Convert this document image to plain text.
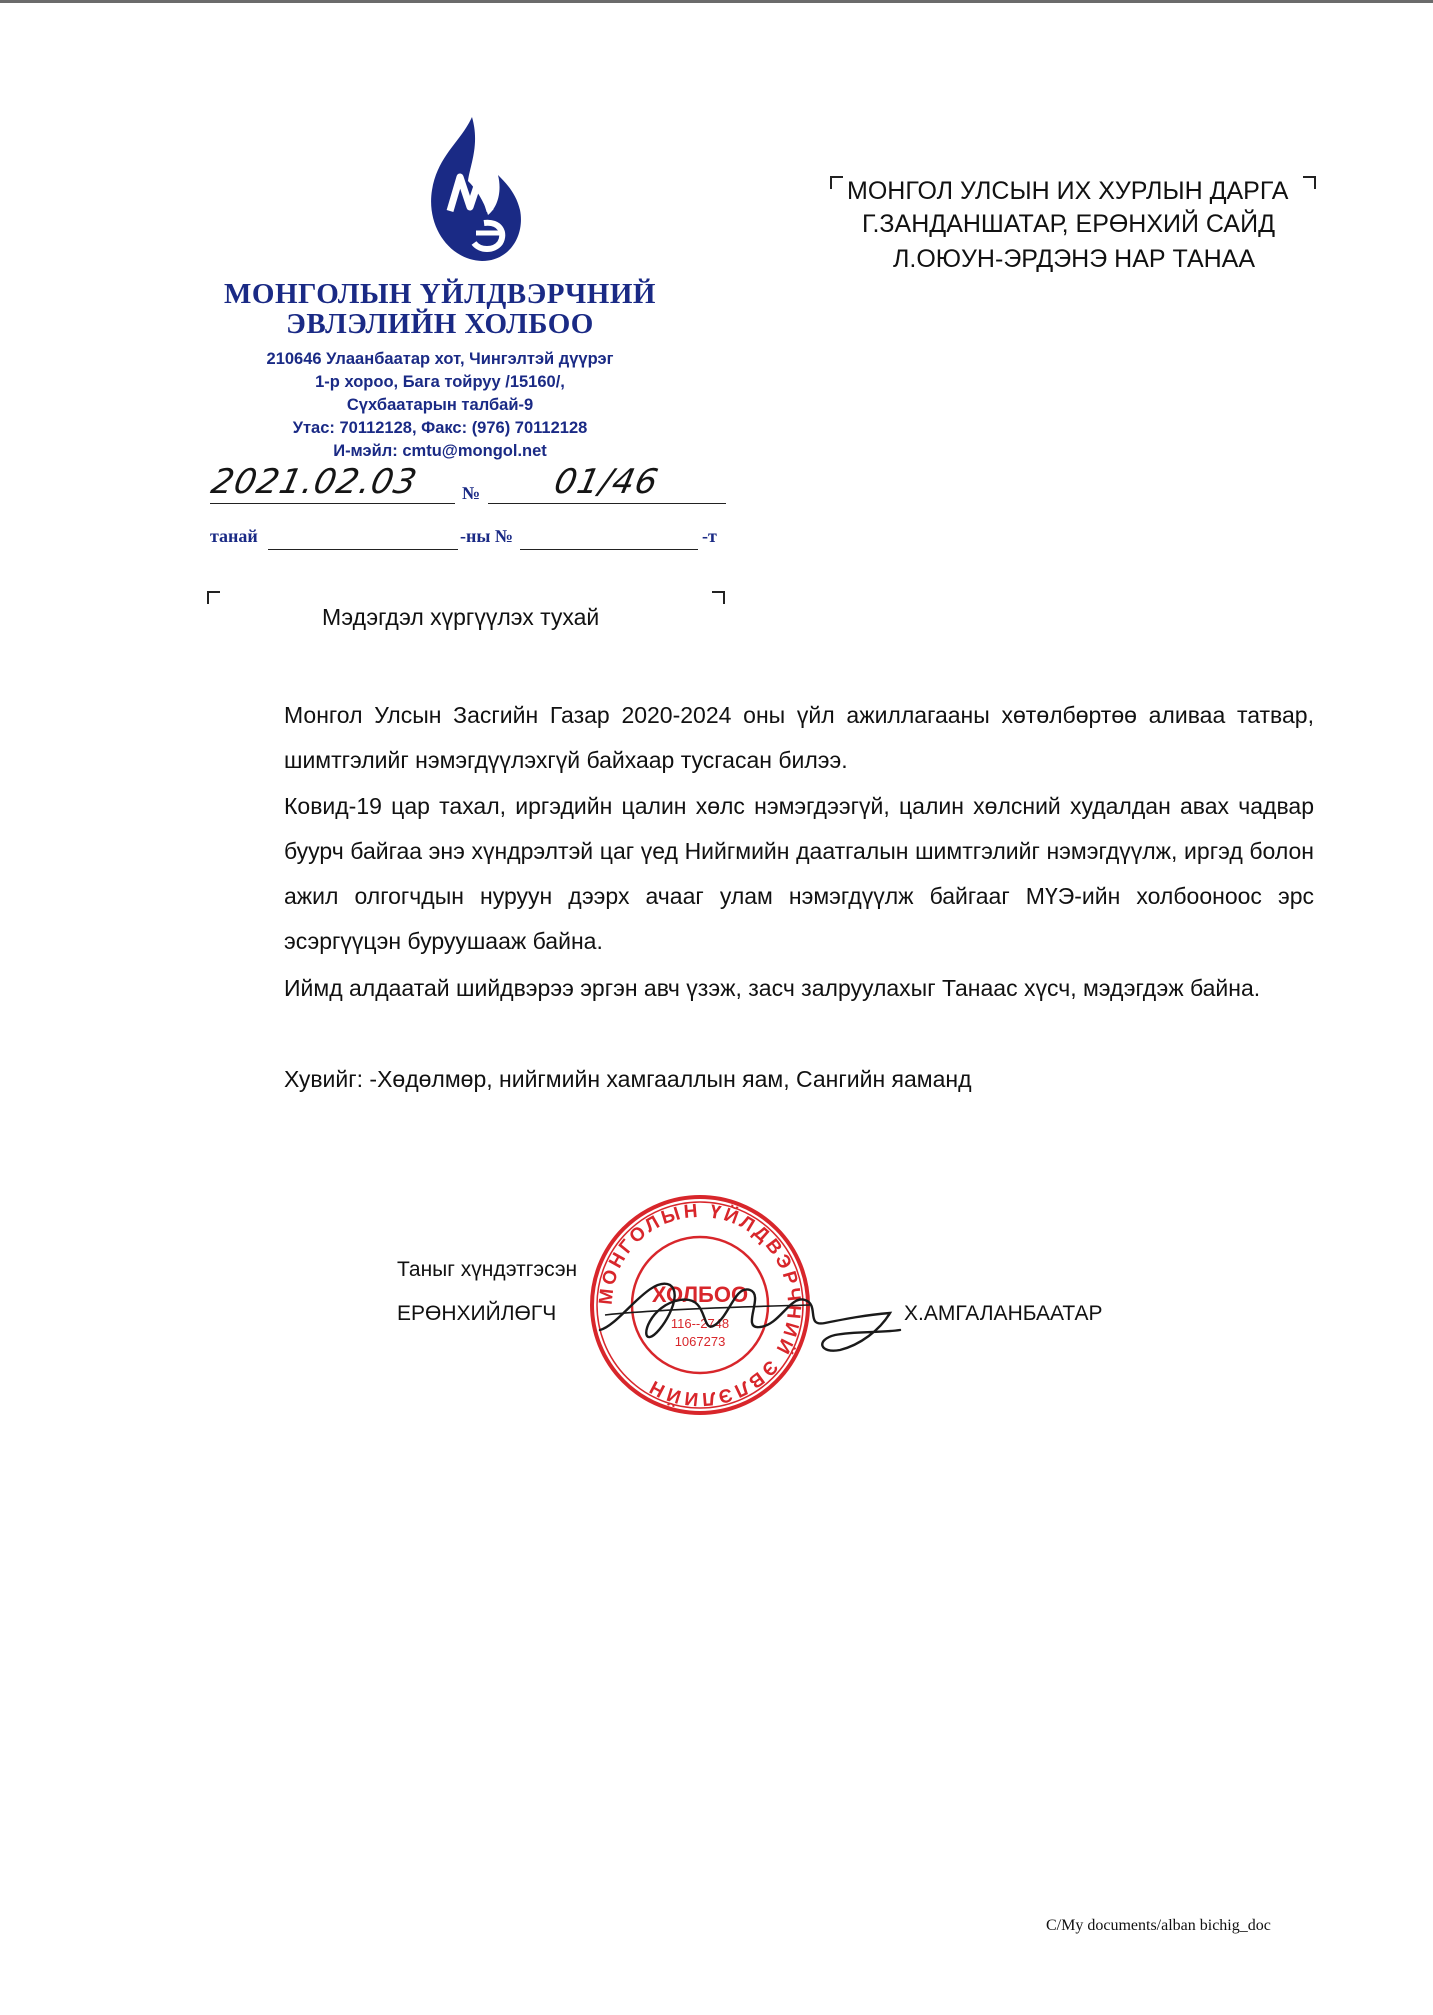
МОНГОЛЫН ҮЙЛДВЭРЧНИЙ
ЭВЛЭЛИЙН ХОЛБОО
210646 Улаанбаатар хот, Чингэлтэй дүүрэг
1-р хороо, Бага тойруу /15160/,
Сүхбаатарын талбай-9
Утас: 70112128, Факс: (976) 70112128
И-мэйл: cmtu@mongol.net
2021.02.03 № 01/46
танай	-ны №	-т
МОНГОЛ УЛСЫН ИХ ХУРЛЫН ДАРГА
Г.ЗАНДАНШАТАР, ЕРӨНХИЙ САЙД
Л.ОЮУН-ЭРДЭНЭ НАР ТАНАА
Мэдэгдэл хүргүүлэх тухай
Монгол Улсын Засгийн Газар 2020-2024 оны үйл ажиллагааны хөтөлбөртөө аливаа татвар, шимтгэлийг нэмэгдүүлэхгүй байхаар тусгасан билээ.
Ковид-19 цар тахал, иргэдийн цалин хөлс нэмэгдээгүй, цалин хөлсний худалдан авах чадвар буурч байгаа энэ хүндрэлтэй цаг үед Нийгмийн даатгалын шимтгэлийг нэмэгдүүлж, иргэд болон ажил олгогчдын нуруун дээрх ачааг улам нэмэгдүүлж байгааг МҮЭ-ийн холбооноос эрс эсэргүүцэн буруушааж байна.
Иймд алдаатай шийдвэрээ эргэн авч үзэж, засч залруулахыг Танаас хүсч, мэдэгдэж байна.
Хувийг: -Хөдөлмөр, нийгмийн хамгааллын яам, Сангийн яаманд
Таныг хүндэтгэсэн
ЕРӨНХИЙЛӨГЧ	Х.АМГАЛАНБААТАР
МОНГОЛЫН ҮЙЛДВЭРЧНИЙ ЭВЛЭЛИЙН
ХОЛБОО
116--2748
1067273
C/My documents/alban bichig_doc
